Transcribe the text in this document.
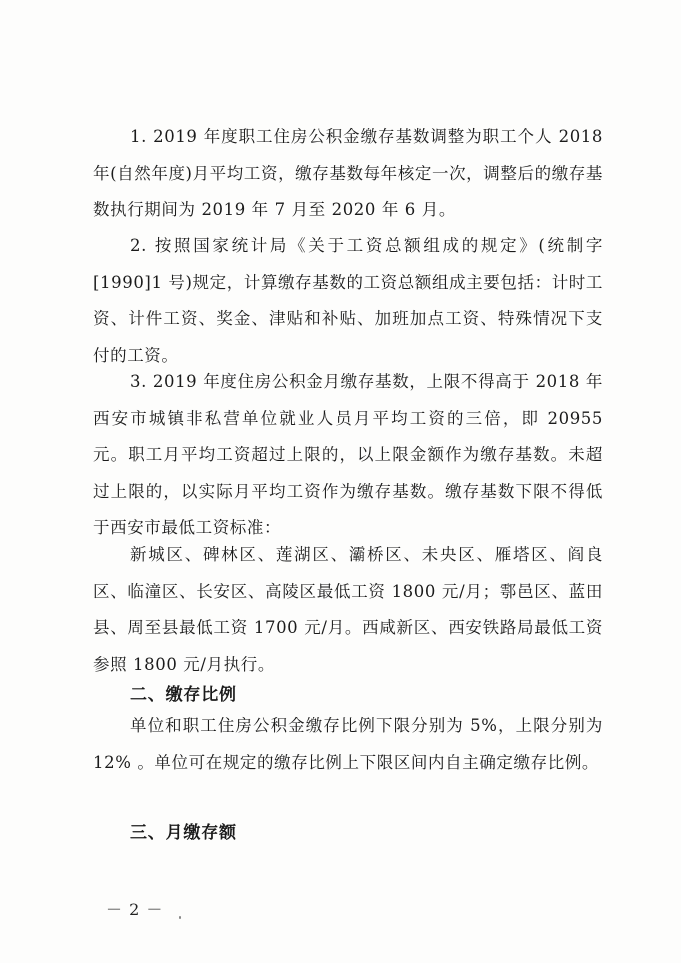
1. 2019 年度职工住房公积金缴存基数调整为职工个人 2018 年(自然年度)月平均工资，缴存基数每年核定一次，调整后的缴存基数执行期间为 2019 年 7 月至 2020 年 6 月。

2. 按照国家统计局《关于工资总额组成的规定》(统制字[1990]1 号)规定，计算缴存基数的工资总额组成主要包括：计时工资、计件工资、奖金、津贴和补贴、加班加点工资、特殊情况下支付的工资。

3. 2019 年度住房公积金月缴存基数，上限不得高于 2018 年西安市城镇非私营单位就业人员月平均工资的三倍，即 20955 元。职工月平均工资超过上限的，以上限金额作为缴存基数。未超过上限的，以实际月平均工资作为缴存基数。缴存基数下限不得低于西安市最低工资标准：

新城区、碑林区、莲湖区、灞桥区、未央区、雁塔区、阎良区、临潼区、长安区、高陵区最低工资 1800 元/月；鄠邑区、蓝田县、周至县最低工资 1700 元/月。西咸新区、西安铁路局最低工资参照 1800 元/月执行。

二、缴存比例

单位和职工住房公积金缴存比例下限分别为 5%，上限分别为 12% 。单位可在规定的缴存比例上下限区间内自主确定缴存比例。

三、月缴存额
－ 2 －
